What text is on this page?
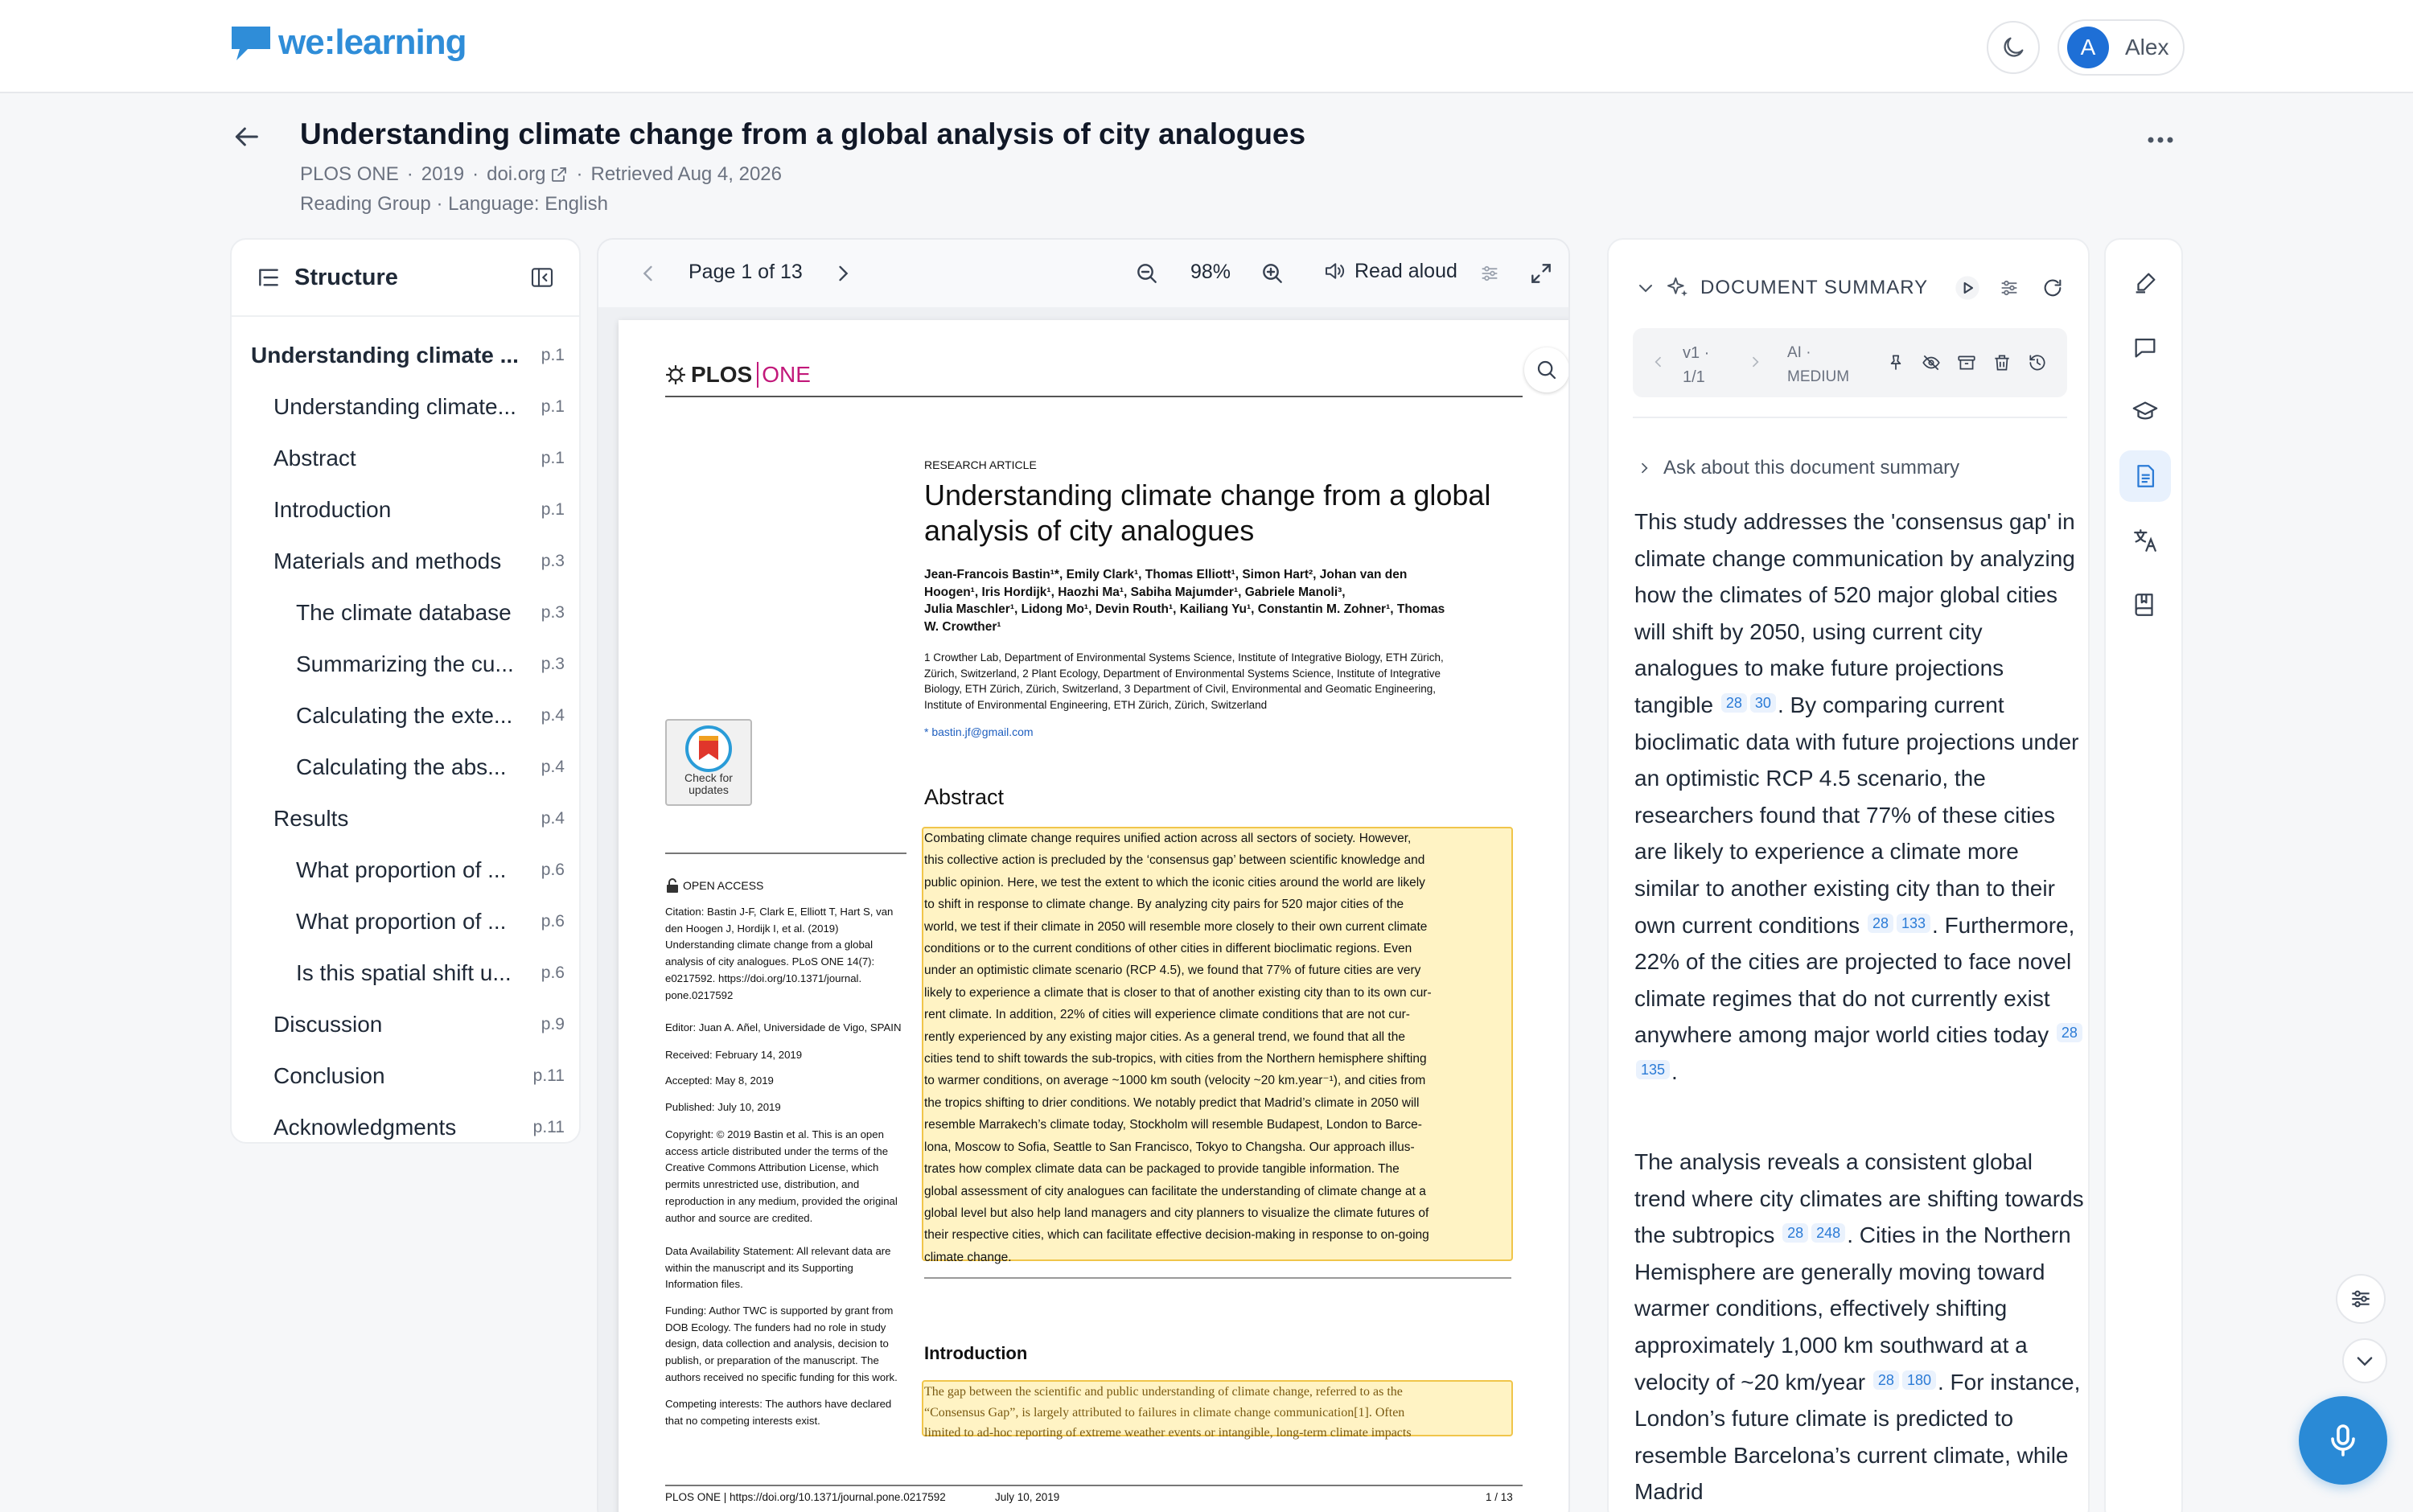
we:learning	A	Alex
Understanding climate change from a global analysis of city analogues
PLOS ONE · 2019 · doi.org · Retrieved Aug 4, 2026
Reading Group · Language: English
Structure
Understanding climate ... p.1
Understanding climate... p.1
Abstract	p.1
Introduction	p.1
Materials and methods p.3
The climate database p.3
Summarizing the cu... p.3
Calculating the exte... p.4
Calculating the abs... p.4
Results	p.4
What proportion of ... p.6
What proportion of ... p.6
Is this spatial shift u... p.6
Discussion	p.9
Conclusion	p.11
Acknowledgments	p.11
Page 1 of 13	98%	Read aloud
PLOS ONE
RESEARCH ARTICLE
Understanding climate change from a global
analysis of city analogues
Jean-Francois Bastin¹*, Emily Clark¹, Thomas Elliott¹, Simon Hart², Johan van den
Hoogen¹, Iris Hordijk¹, Haozhi Ma¹, Sabiha Majumder¹, Gabriele Manoli³,
Julia Maschler¹, Lidong Mo¹, Devin Routh¹, Kailiang Yu¹, Constantin M. Zohner¹, Thomas
W. Crowther¹
1 Crowther Lab, Department of Environmental Systems Science, Institute of Integrative Biology, ETH Zürich,
Zürich, Switzerland, 2 Plant Ecology, Department of Environmental Systems Science, Institute of Integrative
Biology, ETH Zürich, Zürich, Switzerland, 3 Department of Civil, Environmental and Geomatic Engineering,
Institute of Environmental Engineering, ETH Zürich, Zürich, Switzerland
* bastin.jf@gmail.com
Check for
updates	Abstract
Combating climate change requires unified action across all sectors of society. However,
this collective action is precluded by the ‘consensus gap’ between scientific knowledge and
public opinion. Here, we test the extent to which the iconic cities around the world are likely
to shift in response to climate change. By analyzing city pairs for 520 major cities of the
world, we test if their climate in 2050 will resemble more closely to their own current climate
conditions or to the current conditions of other cities in different bioclimatic regions. Even
under an optimistic climate scenario (RCP 4.5), we found that 77% of future cities are very
likely to experience a climate that is closer to that of another existing city than to its own cur-
rent climate. In addition, 22% of cities will experience climate conditions that are not cur-
rently experienced by any existing major cities. As a general trend, we found that all the
cities tend to shift towards the sub-tropics, with cities from the Northern hemisphere shifting
to warmer conditions, on average ~1000 km south (velocity ~20 km.year⁻¹), and cities from
the tropics shifting to drier conditions. We notably predict that Madrid’s climate in 2050 will
resemble Marrakech’s climate today, Stockholm will resemble Budapest, London to Barce-
lona, Moscow to Sofia, Seattle to San Francisco, Tokyo to Changsha. Our approach illus-
trates how complex climate data can be packaged to provide tangible information. The
global assessment of city analogues can facilitate the understanding of climate change at a
global level but also help land managers and city planners to visualize the climate futures of
their respective cities, which can facilitate effective decision-making in response to on-going
climate change.
OPEN ACCESS
Citation: Bastin J-F, Clark E, Elliott T, Hart S, van
den Hoogen J, Hordijk I, et al. (2019)
Understanding climate change from a global
analysis of city analogues. PLoS ONE 14(7):
e0217592. https://doi.org/10.1371/journal.
pone.0217592
Editor: Juan A. Añel, Universidade de Vigo, SPAIN
Received: February 14, 2019
Accepted: May 8, 2019
Published: July 10, 2019
Copyright: © 2019 Bastin et al. This is an open
access article distributed under the terms of the
Creative Commons Attribution License, which
permits unrestricted use, distribution, and
reproduction in any medium, provided the original
author and source are credited.
Data Availability Statement: All relevant data are
within the manuscript and its Supporting
Information files.
Funding: Author TWC is supported by grant from
DOB Ecology. The funders had no role in study
design, data collection and analysis, decision to
publish, or preparation of the manuscript. The
authors received no specific funding for this work.
Competing interests: The authors have declared
that no competing interests exist.
Introduction
The gap between the scientific and public understanding of climate change, referred to as the
“Consensus Gap”, is largely attributed to failures in climate change communication[1]. Often
limited to ad-hoc reporting of extreme weather events or intangible, long-term climate impacts
PLOS ONE | https://doi.org/10.1371/journal.pone.0217592	July 10, 2019	1 / 13
DOCUMENT SUMMARY
v1 ·
1/1
AI ·
MEDIUM
Ask about this document summary
This study addresses the 'consensus gap' in climate change communication by analyzing how the climates of 520 major global cities will shift by 2050, using current city analogues to make future projections tangible 28 30 . By comparing current bioclimatic data with future projections under an optimistic RCP 4.5 scenario, the researchers found that 77% of these cities are likely to experience a climate more similar to another existing city than to their own current conditions 28 133 . Furthermore, 22% of the cities are projected to face novel climate regimes that do not currently exist anywhere among major world cities today 28135 .
The analysis reveals a consistent global trend where city climates are shifting towards the subtropics 28 248 . Cities in the Northern Hemisphere are generally moving toward warmer conditions, effectively shifting approximately 1,000 km southward at a velocity of ~20 km/year 28 180 . For instance, London’s future climate is predicted to resemble Barcelona’s current climate, while Madrid
